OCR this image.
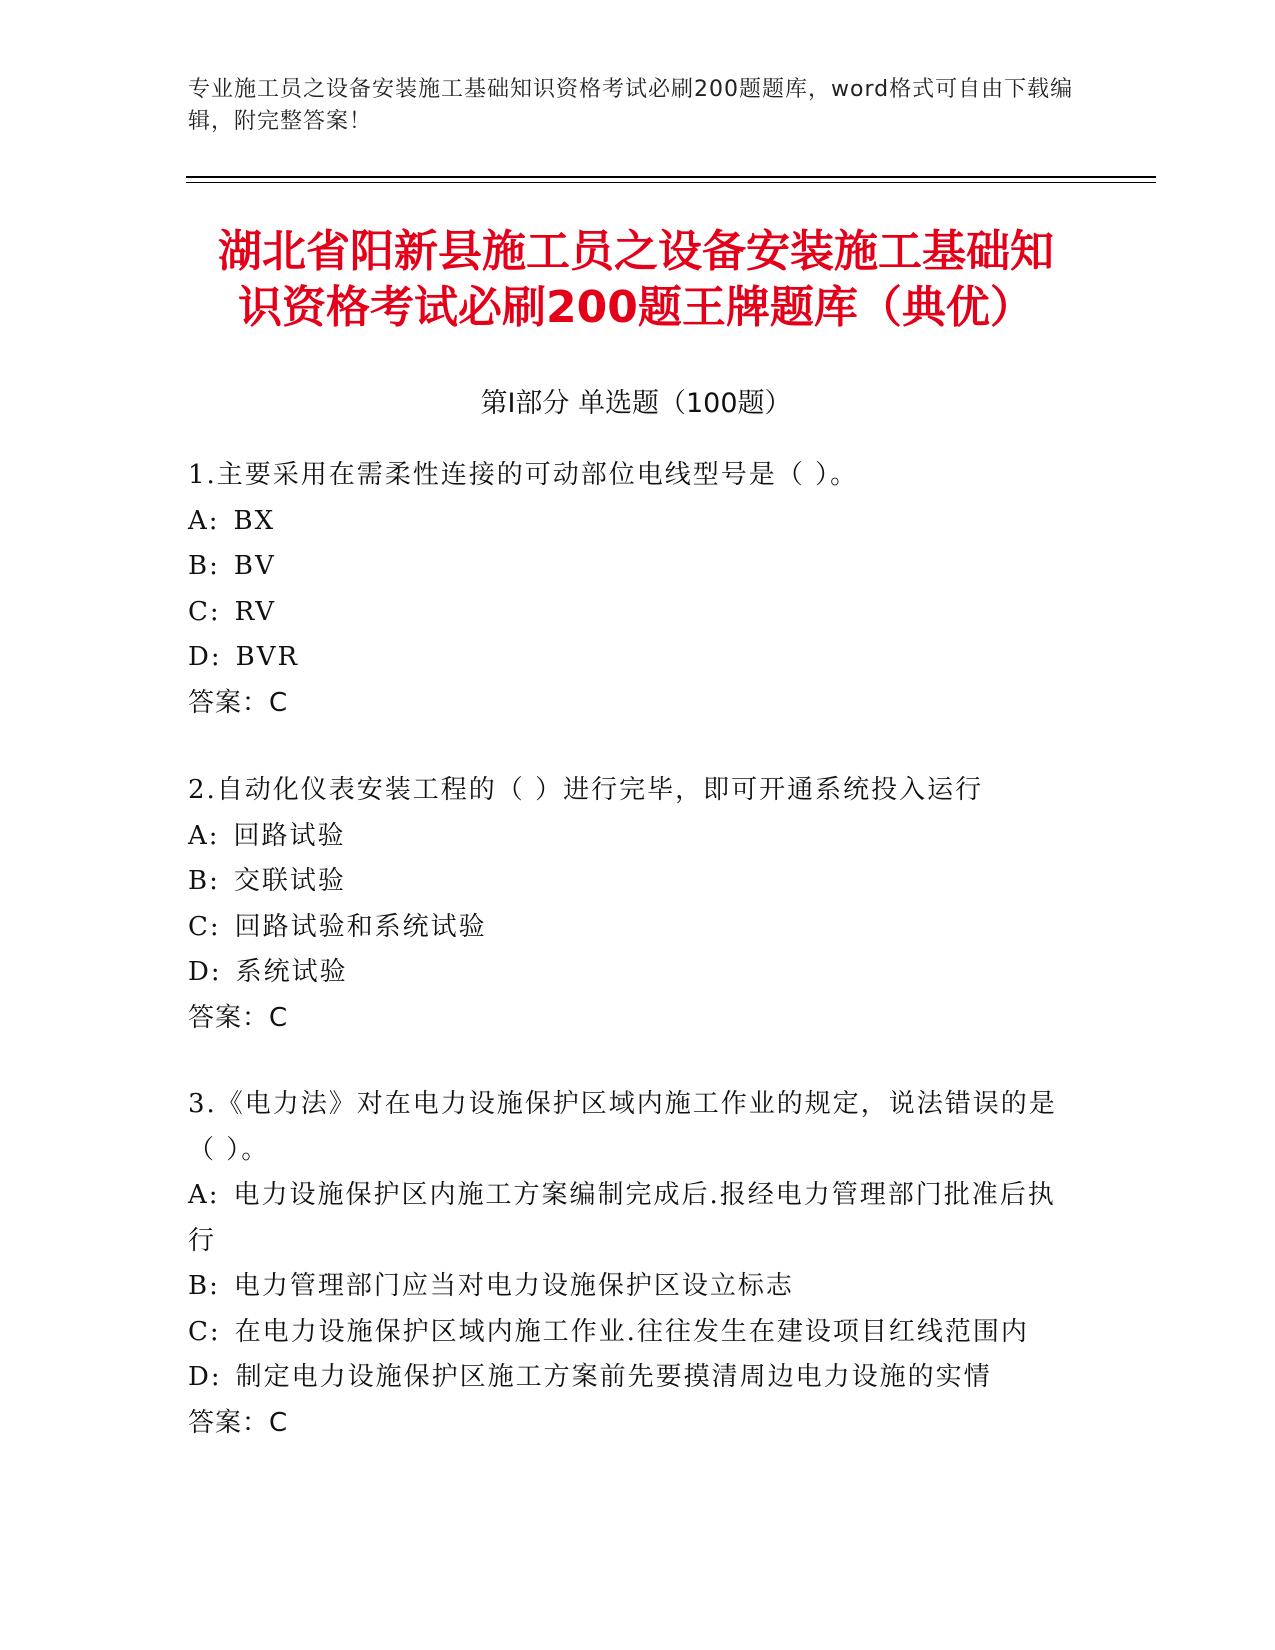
专业施工员之设备安装施工基础知识资格考试必刷200题题库，word格式可自由下载编辑，附完整答案！
湖北省阳新县施工员之设备安装施工基础知
识资格考试必刷200题王牌题库（典优）
第Ⅰ部分 单选题（100题）
1.主要采用在需柔性连接的可动部位电线型号是（ ）。
A: BX
B: BV
C: RV
D: BVR
答案：C
2.自动化仪表安装工程的（ ）进行完毕，即可开通系统投入运行
A: 回路试验
B: 交联试验
C: 回路试验和系统试验
D: 系统试验
答案：C
3.《电力法》对在电力设施保护区域内施工作业的规定，说法错误的是（ ）。
A: 电力设施保护区内施工方案编制完成后.报经电力管理部门批准后执行
B: 电力管理部门应当对电力设施保护区设立标志
C: 在电力设施保护区域内施工作业.往往发生在建设项目红线范围内
D: 制定电力设施保护区施工方案前先要摸清周边电力设施的实情
答案：C
